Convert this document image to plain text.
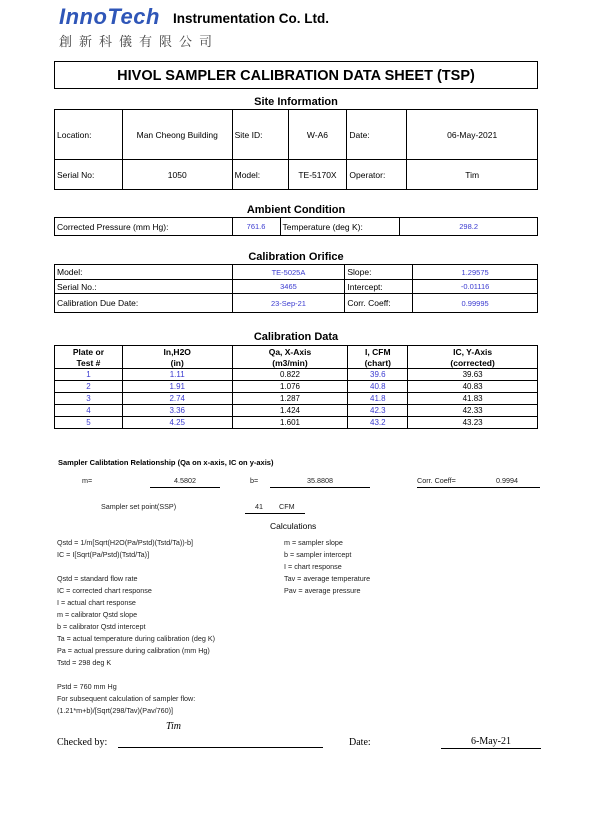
InnoTech Instrumentation Co. Ltd.
創新科儀有限公司
HIVOL SAMPLER CALIBRATION DATA SHEET (TSP)
Site Information
Location:	Man Cheong Building	Site ID:	W-A6	Date:	06-May-2021
Serial No:	1050	Model:	TE-5170X	Operator:	Tim
Ambient Condition
Corrected Pressure (mm Hg):	761.6	Temperature (deg K):	298.2
Calibration Orifice
Model:	TE-5025A	Slope:	1.29575
Serial No.:	3465	Intercept:	-0.01116
Calibration Due Date:	23-Sep-21	Corr. Coeff:	0.99995
Calibration Data
Plate or	In,H2O	Qa, X-Axis	I, CFM	IC, Y-Axis
Test #	(in)	(m3/min)	(chart)	(corrected)
1	1.11	0.822	39.6	39.63
2	1.91	1.076	40.8	40.83
3	2.74	1.287	41.8	41.83
4	3.36	1.424	42.3	42.33
5	4.25	1.601	43.2	43.23
Sampler Calibtation Relationship (Qa on x-axis, IC on y-axis)
m=	4.5802	b=	35.8808	Corr. Coeff=	0.9994
Sampler set point(SSP)	41 CFM
Calculations
Qstd = 1/m[Sqrt(H2O(Pa/Pstd)(Tstd/Ta))-b]
IC = I[Sqrt(Pa/Pstd)(Tstd/Ta)]
Qstd = standard flow rate
IC = corrected chart response
I = actual chart response
m = calibrator Qstd slope
b = calibrator Qstd intercept
Ta = actual temperature during calibration (deg K)
Pa = actual pressure during calibration (mm Hg)
Tstd = 298 deg K
Pstd = 760 mm Hg
For subsequent calculation of sampler flow:
(1.21*m+b)/[Sqrt(298/Tav)(Pav/760)]
m = sampler slope
b = sampler intercept
I = chart response
Tav = average temperature
Pav = average pressure
Checked by:
Tim
Date:	6-May-21
